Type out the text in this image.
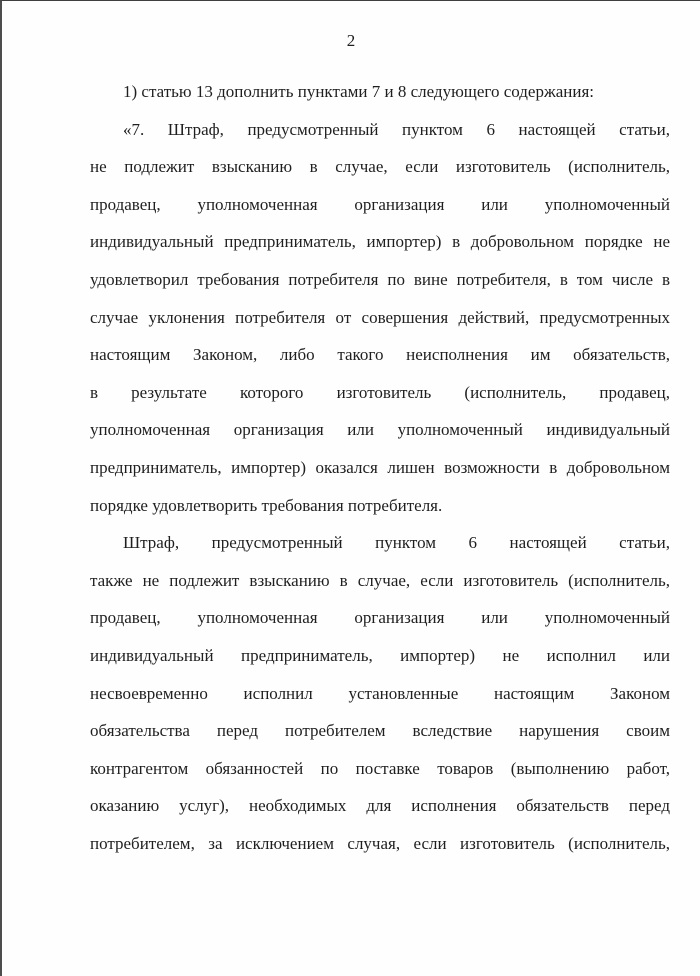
2
1) статью 13 дополнить пунктами 7 и 8 следующего содержания:
«7. Штраф, предусмотренный пунктом 6 настоящей статьи,
не подлежит взысканию в случае, если изготовитель (исполнитель,
продавец, уполномоченная организация или уполномоченный
индивидуальный предприниматель, импортер) в добровольном порядке не
удовлетворил требования потребителя по вине потребителя, в том числе в
случае уклонения потребителя от совершения действий, предусмотренных
настоящим Законом, либо такого неисполнения им обязательств,
в результате которого изготовитель (исполнитель, продавец,
уполномоченная организация или уполномоченный индивидуальный
предприниматель, импортер) оказался лишен возможности в добровольном
порядке удовлетворить требования потребителя.
Штраф, предусмотренный пунктом 6 настоящей статьи,
также не подлежит взысканию в случае, если изготовитель (исполнитель,
продавец, уполномоченная организация или уполномоченный
индивидуальный предприниматель, импортер) не исполнил или
несвоевременно исполнил установленные настоящим Законом
обязательства перед потребителем вследствие нарушения своим
контрагентом обязанностей по поставке товаров (выполнению работ,
оказанию услуг), необходимых для исполнения обязательств перед
потребителем, за исключением случая, если изготовитель (исполнитель,
